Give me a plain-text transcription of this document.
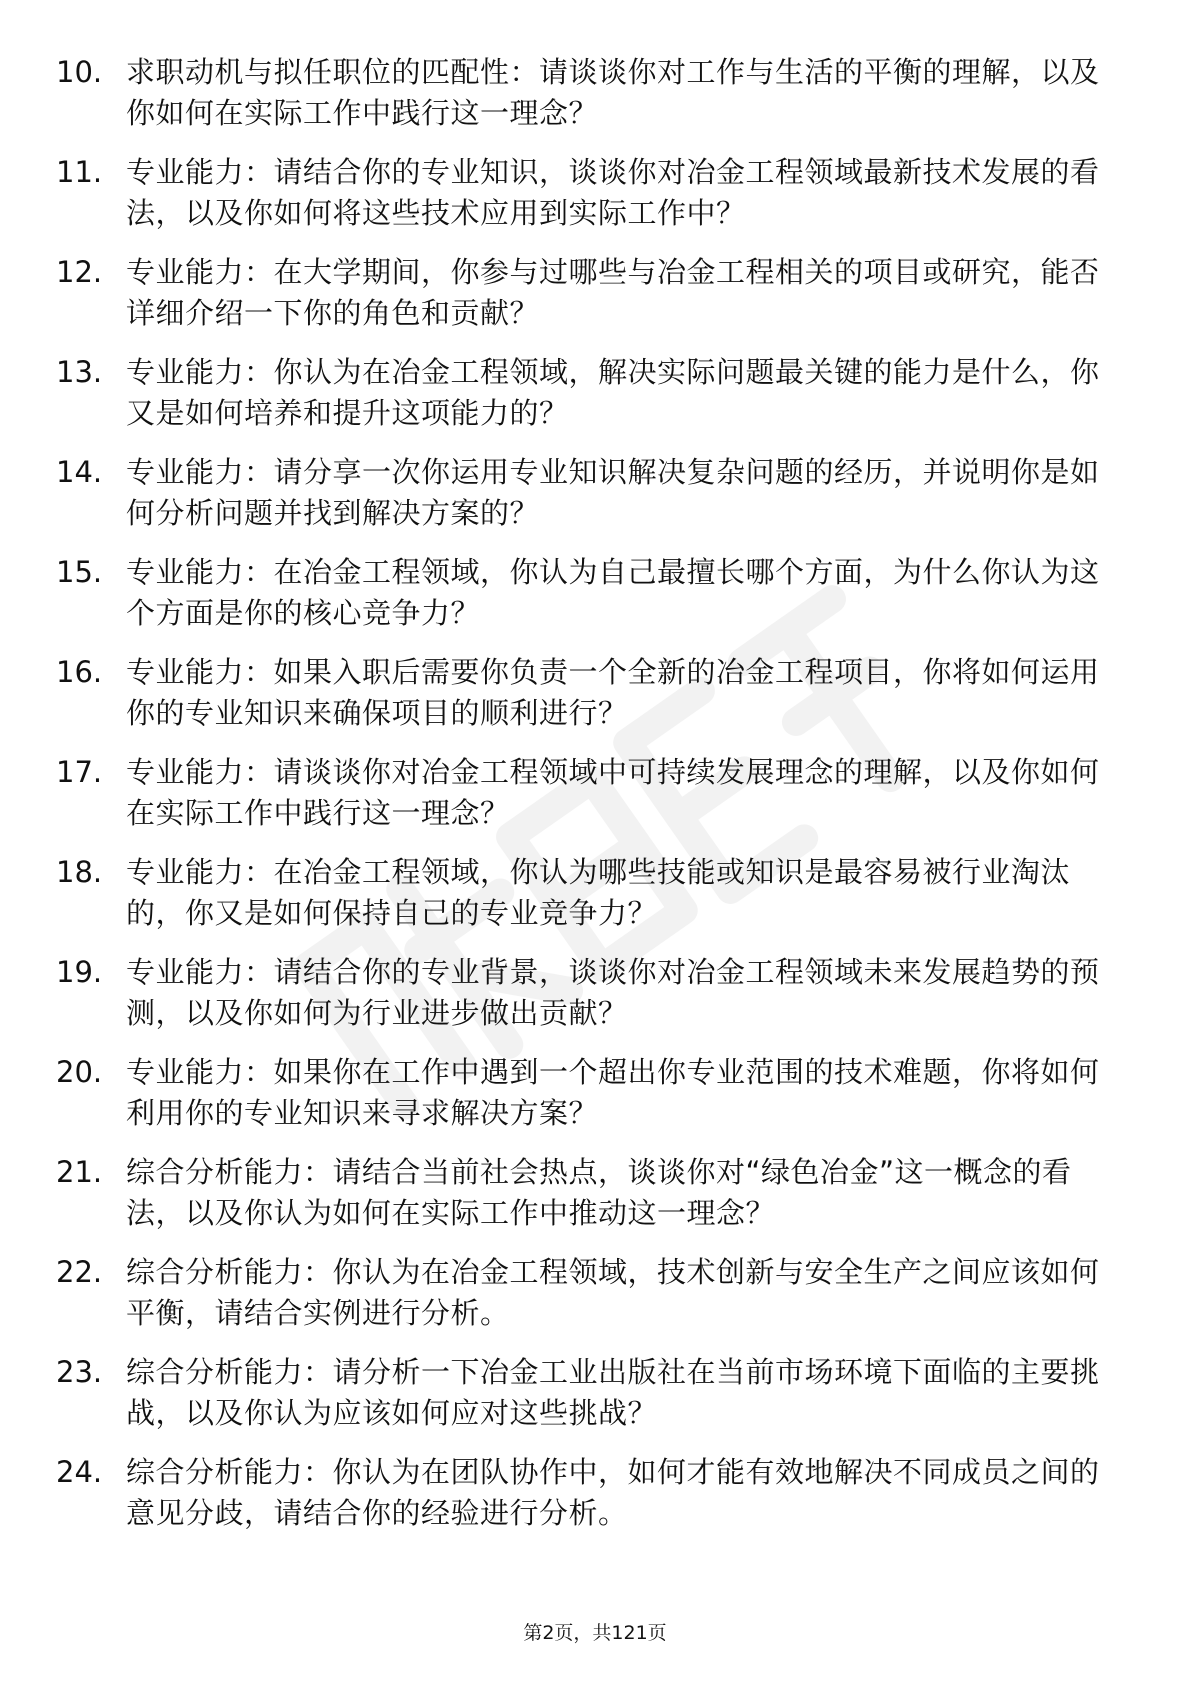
10. 求职动机与拟任职位的匹配性：请谈谈你对工作与生活的平衡的理解，以及你如何在实际工作中践行这一理念？
11. 专业能力：请结合你的专业知识，谈谈你对冶金工程领域最新技术发展的看法，以及你如何将这些技术应用到实际工作中？
12. 专业能力：在大学期间，你参与过哪些与冶金工程相关的项目或研究，能否详细介绍一下你的角色和贡献？
13. 专业能力：你认为在冶金工程领域，解决实际问题最关键的能力是什么，你又是如何培养和提升这项能力的？
14. 专业能力：请分享一次你运用专业知识解决复杂问题的经历，并说明你是如何分析问题并找到解决方案的？
15. 专业能力：在冶金工程领域，你认为自己最擅长哪个方面，为什么你认为这个方面是你的核心竞争力？
16. 专业能力：如果入职后需要你负责一个全新的冶金工程项目，你将如何运用你的专业知识来确保项目的顺利进行？
17. 专业能力：请谈谈你对冶金工程领域中可持续发展理念的理解，以及你如何在实际工作中践行这一理念？
18. 专业能力：在冶金工程领域，你认为哪些技能或知识是最容易被行业淘汰的，你又是如何保持自己的专业竞争力？
19. 专业能力：请结合你的专业背景，谈谈你对冶金工程领域未来发展趋势的预测，以及你如何为行业进步做出贡献？
20. 专业能力：如果你在工作中遇到一个超出你专业范围的技术难题，你将如何利用你的专业知识来寻求解决方案？
21. 综合分析能力：请结合当前社会热点，谈谈你对“绿色冶金”这一概念的看法，以及你认为如何在实际工作中推动这一理念？
22. 综合分析能力：你认为在冶金工程领域，技术创新与安全生产之间应该如何平衡，请结合实例进行分析。
23. 综合分析能力：请分析一下冶金工业出版社在当前市场环境下面临的主要挑战，以及你认为应该如何应对这些挑战？
24. 综合分析能力：你认为在团队协作中，如何才能有效地解决不同成员之间的意见分歧，请结合你的经验进行分析。
第2页，共121页
